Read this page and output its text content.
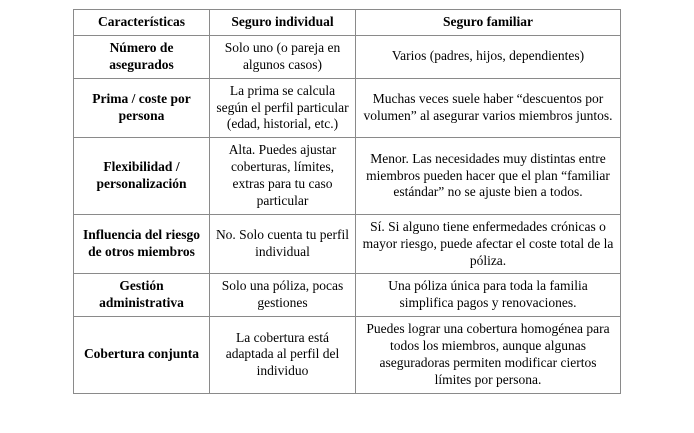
Características	Seguro individual	Seguro familiar
Número de asegurados	Solo uno (o pareja en algunos casos)	Varios (padres, hijos, dependientes)
Prima / coste por persona	La prima se calcula según el perfil particular (edad, historial, etc.)	Muchas veces suele haber “descuentos por volumen” al asegurar varios miembros juntos.
Flexibilidad / personalización	Alta. Puedes ajustar coberturas, límites, extras para tu caso particular	Menor. Las necesidades muy distintas entre miembros pueden hacer que el plan “familiar estándar” no se ajuste bien a todos.
Influencia del riesgo de otros miembros	No. Solo cuenta tu perfil individual	Sí. Si alguno tiene enfermedades crónicas o mayor riesgo, puede afectar el coste total de la póliza.
Gestión administrativa	Solo una póliza, pocas gestiones	Una póliza única para toda la familia simplifica pagos y renovaciones.
Cobertura conjunta	La cobertura está adaptada al perfil del individuo	Puedes lograr una cobertura homogénea para todos los miembros, aunque algunas aseguradoras permiten modificar ciertos límites por persona.
